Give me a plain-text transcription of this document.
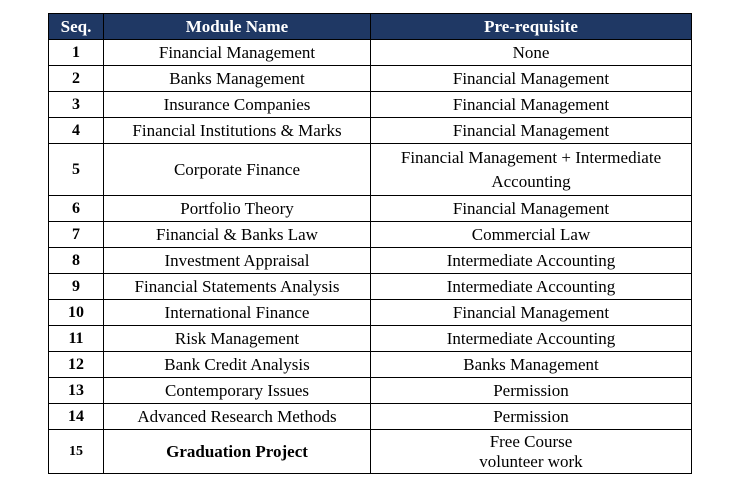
Seq.	Module Name	Pre-requisite
1	Financial Management	None

2	Banks Management	Financial Management

3	Insurance Companies	Financial Management

4	Financial Institutions & Marks	Financial Management

5	Corporate Finance	Financial Management + Intermediate
Accounting

6	Portfolio Theory	Financial Management

7	Financial & Banks Law	Commercial Law

8	Investment Appraisal	Intermediate Accounting

9	Financial Statements Analysis	Intermediate Accounting

10	International Finance	Financial Management

11	Risk Management	Intermediate Accounting

12	Bank Credit Analysis	Banks Management

13	Contemporary Issues	Permission

14	Advanced Research Methods	Permission

15	Graduation Project	Free Course
volunteer work
